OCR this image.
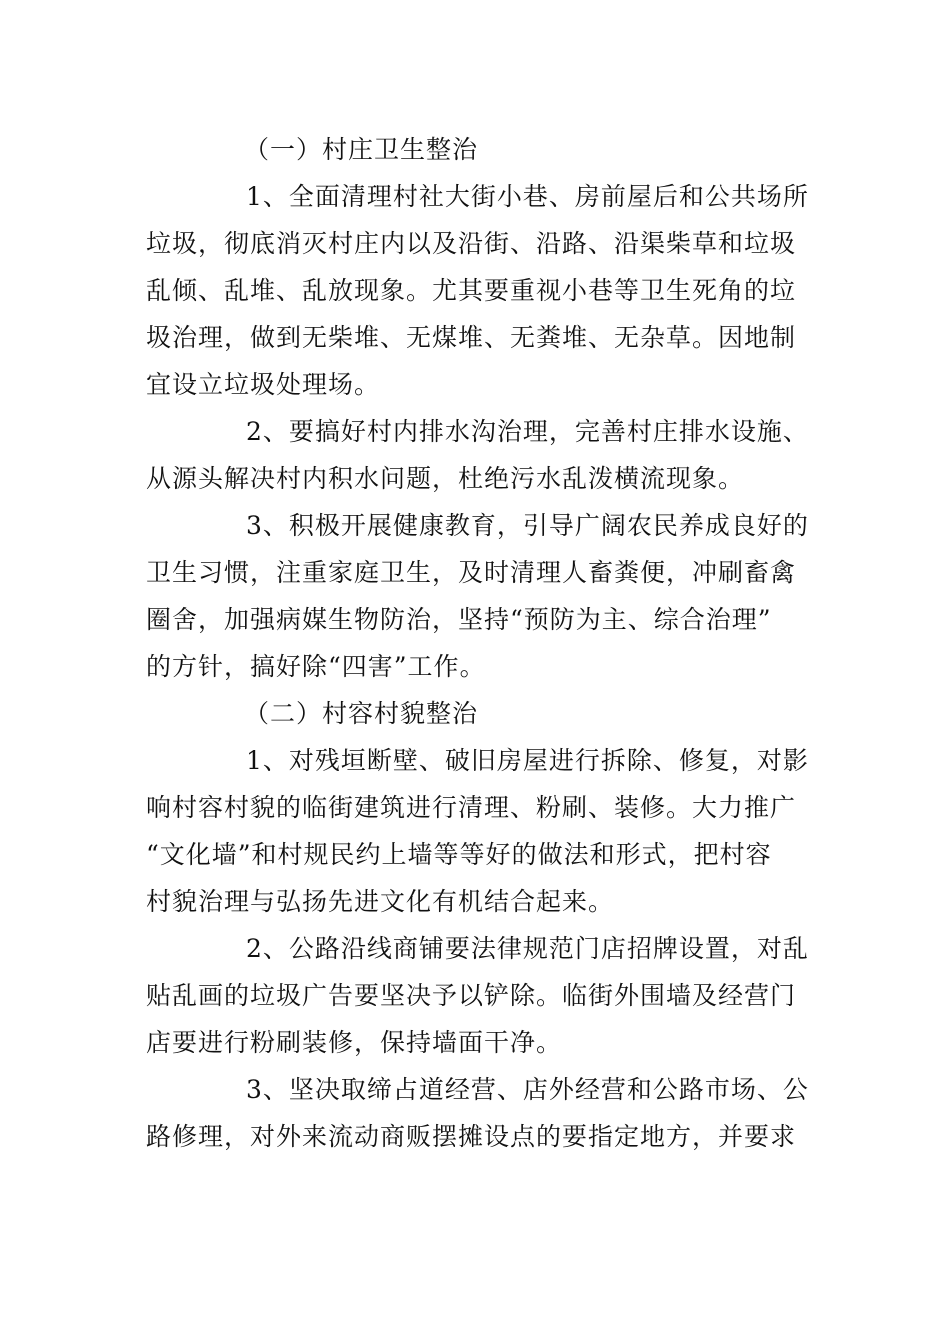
（一）村庄卫生整治
1、全面清理村社大街小巷、房前屋后和公共场所
垃圾，彻底消灭村庄内以及沿街、沿路、沿渠柴草和垃圾
乱倾、乱堆、乱放现象。尤其要重视小巷等卫生死角的垃
圾治理，做到无柴堆、无煤堆、无粪堆、无杂草。因地制
宜设立垃圾处理场。
2、要搞好村内排水沟治理，完善村庄排水设施、
从源头解决村内积水问题，杜绝污水乱泼横流现象。
3、积极开展健康教育，引导广阔农民养成良好的
卫生习惯，注重家庭卫生，及时清理人畜粪便，冲刷畜禽
圈舍，加强病媒生物防治，坚持“预防为主、综合治理”
的方针，搞好除“四害”工作。
（二）村容村貌整治
1、对残垣断壁、破旧房屋进行拆除、修复，对影
响村容村貌的临街建筑进行清理、粉刷、装修。大力推广
“文化墙”和村规民约上墙等等好的做法和形式，把村容
村貌治理与弘扬先进文化有机结合起来。
2、公路沿线商铺要法律规范门店招牌设置，对乱
贴乱画的垃圾广告要坚决予以铲除。临街外围墙及经营门
店要进行粉刷装修，保持墙面干净。
3、坚决取缔占道经营、店外经营和公路市场、公
路修理，对外来流动商贩摆摊设点的要指定地方，并要求
